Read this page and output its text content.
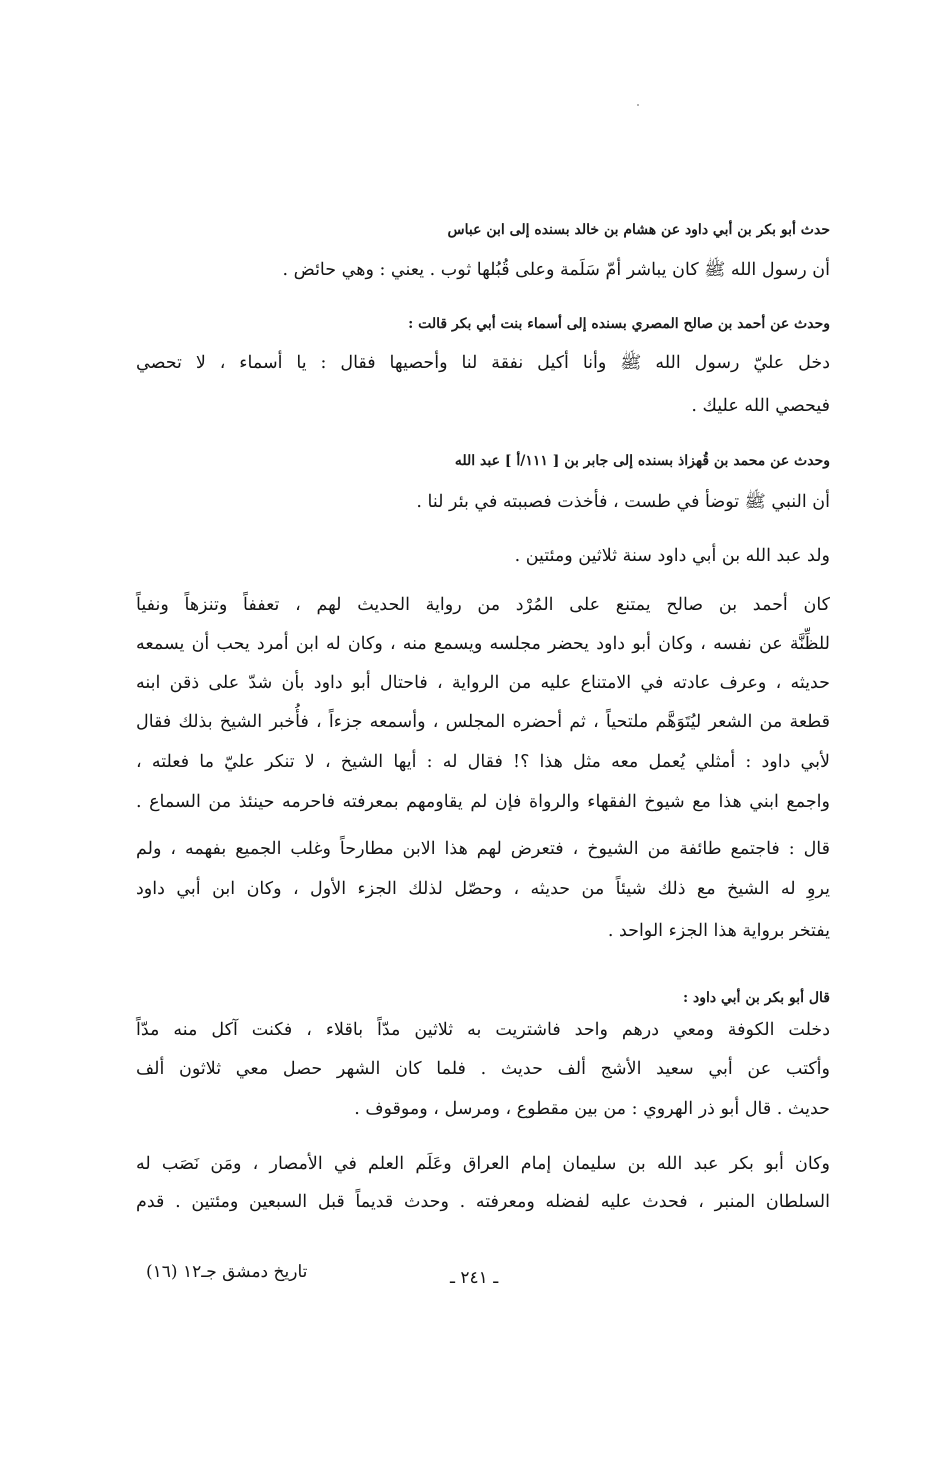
حدث أبو بكر بن أبي داود عن هشام بن خالد بسنده إلى ابن عباس
أن رسول الله ﷺ كان يباشر أمّ سَلَمة وعلى قُبُلها ثوب . يعني : وهي حائض .
وحدث عن أحمد بن صالح المصري بسنده إلى أسماء بنت أبي بكر قالت :
دخل عليّ رسول الله ﷺ وأنا أكيل نفقة لنا وأحصيها فقال : يا أسماء ، لا تحصي
فيحصي الله عليك .
وحدث عن محمد بن قُهزاذ بسنده إلى جابر بن [ ١١١/أ ] عبد الله
أن النبي ﷺ توضأ في طست ، فأخذت فصببته في بئر لنا .
ولد عبد الله بن أبي داود سنة ثلاثين ومئتين .
كان أحمد بن صالح يمتنع على المُرْد من رواية الحديث لهم ، تعففاً وتنزهاً ونفياً
للظِّنَّة عن نفسه ، وكان أبو داود يحضر مجلسه ويسمع منه ، وكان له ابن أمرد يحب أن يسمعه
حديثه ، وعرف عادته في الامتناع عليه من الرواية ، فاحتال أبو داود بأن شدّ على ذقن ابنه
قطعة من الشعر ليُتَوَهَّم ملتحياً ، ثم أحضره المجلس ، وأسمعه جزءاً ، فأُخبر الشيخ بذلك فقال
لأبي داود : أمثلي يُعمل معه مثل هذا ؟! فقال له : أيها الشيخ ، لا تنكر عليّ ما فعلته ،
واجمع ابني هذا مع شيوخ الفقهاء والرواة فإن لم يقاومهم بمعرفته فاحرمه حينئذ من السماع .
قال : فاجتمع طائفة من الشيوخ ، فتعرض لهم هذا الابن مطارحاً وغلب الجميع بفهمه ، ولم
يروِ له الشيخ مع ذلك شيئاً من حديثه ، وحصّل لذلك الجزء الأول ، وكان ابن أبي داود
يفتخر برواية هذا الجزء الواحد .
قال أبو بكر بن أبي داود :
دخلت الكوفة ومعي درهم واحد فاشتريت به ثلاثين مدّاً باقلاء ، فكنت آكل منه مدّاً
وأكتب عن أبي سعيد الأشج ألف حديث . فلما كان الشهر حصل معي ثلاثون ألف
حديث . قال أبو ذر الهروي : من بين مقطوع ، ومرسل ، وموقوف .
وكان أبو بكر عبد الله بن سليمان إمام العراق وعَلَم العلم في الأمصار ، ومَن نَصَب له
السلطان المنبر ، فحدث عليه لفضله ومعرفته . وحدث قديماً قبل السبعين ومئتين . قدم
ـ ٢٤١ ـ
تاريخ دمشق جـ١٢ (١٦)
